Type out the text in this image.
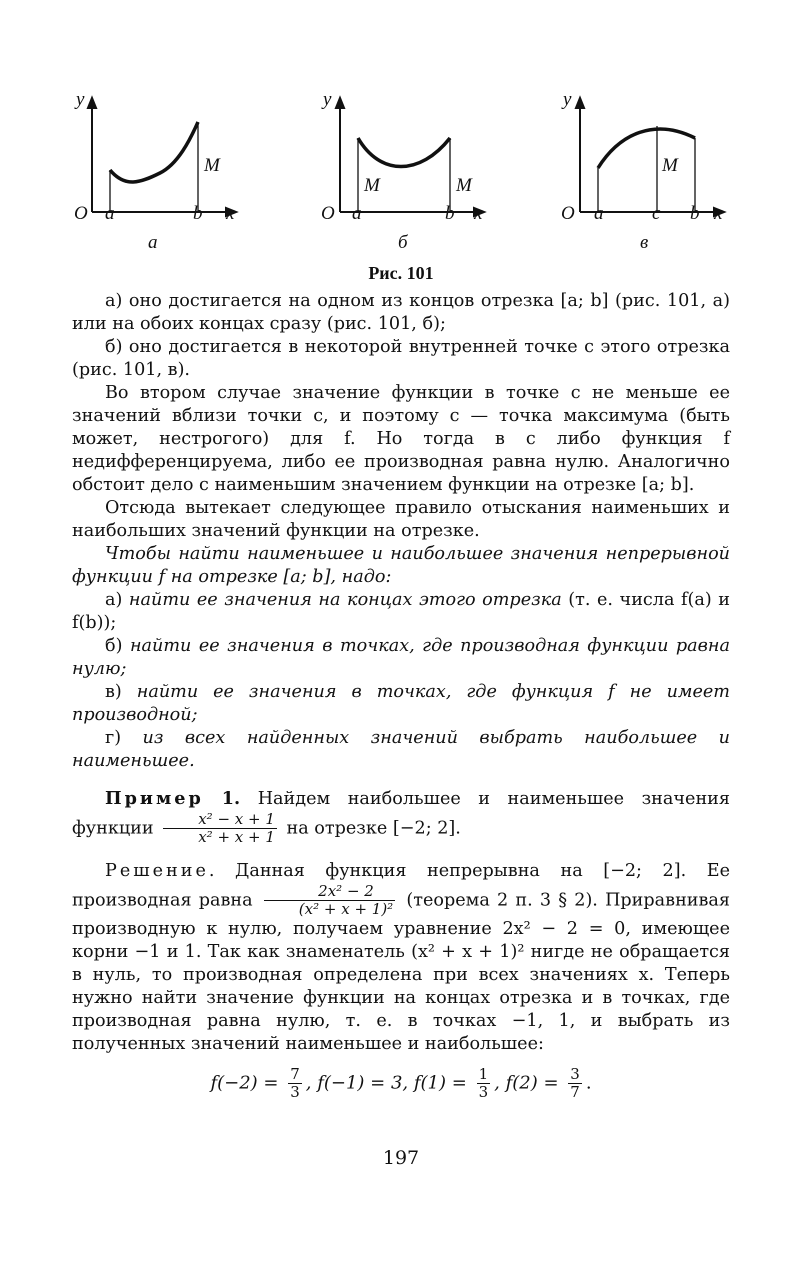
y
O a	b x
M
а
y
O a	b x
M	M
б
y
O a	c b x
M
в
Рис. 101

а) оно достигается на одном из концов отрезка [a; b] (рис. 101, а) или на обоих концах сразу (рис. 101, б);

б) оно достигается в некоторой внутренней точке c этого отрезка (рис. 101, в).

Во втором случае значение функции в точке c не меньше ее значений вблизи точки c, и поэтому c — точка максимума (быть может, нестрогого) для f. Но тогда в c либо функция f недифференцируема, либо ее производная равна нулю. Аналогично обстоит дело с наименьшим значением функции на отрезке [a; b].

Отсюда вытекает следующее правило отыскания наименьших и наибольших значений функции на отрезке.

Чтобы найти наименьшее и наибольшее значения непрерывной функции f на отрезке [a; b], надо:

а) найти ее значения на концах этого отрезка (т. е. числа f(a) и f(b));

б) найти ее значения в точках, где производная функции равна нулю;

в) найти ее значения в точках, где функция f не имеет производной;

г) из всех найденных значений выбрать наибольшее и наименьшее.

Пример 1. Найдем наибольшее и наименьшее значения функции $\frac{\text{x² − x + 1}}{\text{x² + x + 1}}$ на отрезке [−2; 2].

Решение. Данная функция непрерывна на [−2; 2]. Ее производная равна $\frac{\text{2x² − 2}}{\text{(x² + x + 1)²}}$ (теорема 2 п. 3 § 2). Приравнивая производную к нулю, получаем уравнение 2x² − 2 = 0, имеющее корни −1 и 1. Так как знаменатель (x² + x + 1)² нигде не обращается в нуль, то производная определена при всех значениях x. Теперь нужно найти значение функции на концах отрезка и в точках, где производная равна нулю, т. е. в точках −1, 1, и выбрать из полученных значений наименьшее и наибольшее:

$f(-2) = \frac{7}{3}$ , f(−1) = 3, $f(1) = \frac{1}{3}$ , $f(2) = \frac{3}{7}$ .

197
